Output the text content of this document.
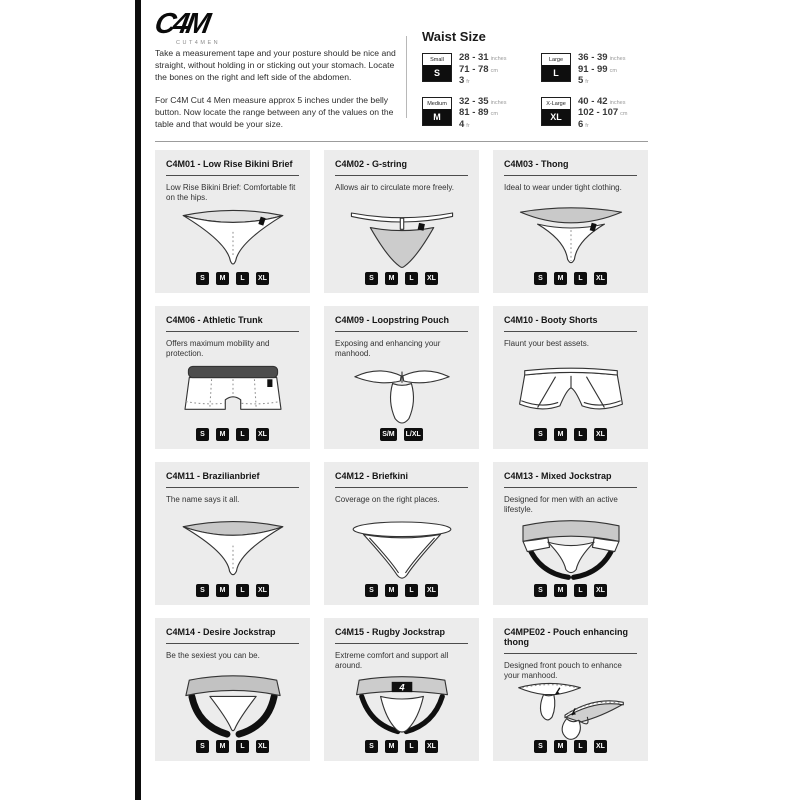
C4M
CUT4MEN

Take a measurement tape and your posture should be nice and straight, without holding in or sticking out your stomach. Locate the bones on the right and left side of the abdomen.

For C4M Cut 4 Men measure approx 5 inches under the belly button. Now locate the range between any of the values on the table and that would be your size.

Waist Size
Small
S
28 - 31 inches
71 - 78 cm
3 fr
Large
L
36 - 39 inches
91 - 99 cm
5 fr
Medium
M
32 - 35 inches
81 - 89 cm
4 fr
X-Large
XL
40 - 42 inches
102 - 107 cm
6 fr
C4M01 - Low Rise Bikini Brief
Low Rise Bikini Brief: Comfortable fit on the hips.
S	M	L	XL
C4M02 - G-string
Allows air to circulate more freely.
S	M	L	XL
C4M03 - Thong
Ideal to wear under tight clothing.
S	M	L	XL
C4M06 - Athletic Trunk
Offers maximum mobility and protection.
S	M	L	XL
C4M09 - Loopstring Pouch
Exposing and enhancing your manhood.
S/M L/XL
C4M10 - Booty Shorts
Flaunt your best assets.
S	M	L	XL
C4M11 - Brazilianbrief
The name says it all.
S	M	L	XL
C4M12 - Briefkini
Coverage on the right places.
S	M	L	XL
C4M13 - Mixed Jockstrap
Designed for men with an active lifestyle.
S	M	L	XL
C4M14 - Desire Jockstrap
Be the sexiest you can be.
S	M	L	XL
C4M15 - Rugby Jockstrap
Extreme comfort and support all around.
4
S	M	L	XL
C4MPE02 - Pouch enhancing thong
Designed front pouch to enhance your manhood.
S	M	L	XL
